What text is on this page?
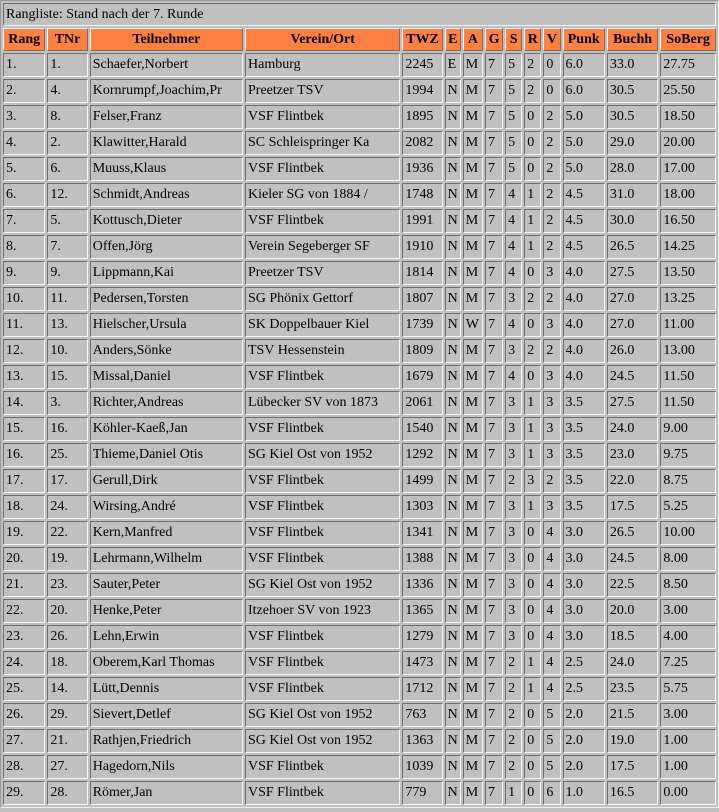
Rangliste: Stand nach der 7. Runde													
Rang	TNr	Teilnehmer	Verein/Ort	TWZ	E	A	G	S	R	V	Punk	Buchh	SoBerg
1.	1.	Schaefer,Norbert	Hamburg	2245	E	M	7	5	2	0	6.0	33.0	27.75
2.	4.	Kornrumpf,Joachim,Pr	Preetzer TSV	1994	N	M	7	5	2	0	6.0	30.5	25.50
3.	8.	Felser,Franz	VSF Flintbek	1895	N	M	7	5	0	2	5.0	30.5	18.50
4.	2.	Klawitter,Harald	SC Schleispringer Ka	2082	N	M	7	5	0	2	5.0	29.0	20.00
5.	6.	Muuss,Klaus	VSF Flintbek	1936	N	M	7	5	0	2	5.0	28.0	17.00
6.	12.	Schmidt,Andreas	Kieler SG von 1884 /	1748	N	M	7	4	1	2	4.5	31.0	18.00
7.	5.	Kottusch,Dieter	VSF Flintbek	1991	N	M	7	4	1	2	4.5	30.0	16.50
8.	7.	Offen,Jörg	Verein Segeberger SF	1910	N	M	7	4	1	2	4.5	26.5	14.25
9.	9.	Lippmann,Kai	Preetzer TSV	1814	N	M	7	4	0	3	4.0	27.5	13.50
10.	11.	Pedersen,Torsten	SG Phönix Gettorf	1807	N	M	7	3	2	2	4.0	27.0	13.25
11.	13.	Hielscher,Ursula	SK Doppelbauer Kiel	1739	N	W	7	4	0	3	4.0	27.0	11.00
12.	10.	Anders,Sönke	TSV Hessenstein	1809	N	M	7	3	2	2	4.0	26.0	13.00
13.	15.	Missal,Daniel	VSF Flintbek	1679	N	M	7	4	0	3	4.0	24.5	11.50
14.	3.	Richter,Andreas	Lübecker SV von 1873	2061	N	M	7	3	1	3	3.5	27.5	11.50
15.	16.	Köhler-Kaeß,Jan	VSF Flintbek	1540	N	M	7	3	1	3	3.5	24.0	9.00
16.	25.	Thieme,Daniel Otis	SG Kiel Ost von 1952	1292	N	M	7	3	1	3	3.5	23.0	9.75
17.	17.	Gerull,Dirk	VSF Flintbek	1499	N	M	7	2	3	2	3.5	22.0	8.75
18.	24.	Wirsing,André	VSF Flintbek	1303	N	M	7	3	1	3	3.5	17.5	5.25
19.	22.	Kern,Manfred	VSF Flintbek	1341	N	M	7	3	0	4	3.0	26.5	10.00
20.	19.	Lehrmann,Wilhelm	VSF Flintbek	1388	N	M	7	3	0	4	3.0	24.5	8.00
21.	23.	Sauter,Peter	SG Kiel Ost von 1952	1336	N	M	7	3	0	4	3.0	22.5	8.50
22.	20.	Henke,Peter	Itzehoer SV von 1923	1365	N	M	7	3	0	4	3.0	20.0	3.00
23.	26.	Lehn,Erwin	VSF Flintbek	1279	N	M	7	3	0	4	3.0	18.5	4.00
24.	18.	Oberem,Karl Thomas	VSF Flintbek	1473	N	M	7	2	1	4	2.5	24.0	7.25
25.	14.	Lütt,Dennis	VSF Flintbek	1712	N	M	7	2	1	4	2.5	23.5	5.75
26.	29.	Sievert,Detlef	SG Kiel Ost von 1952	763	N	M	7	2	0	5	2.0	21.5	3.00
27.	21.	Rathjen,Friedrich	SG Kiel Ost von 1952	1363	N	M	7	2	0	5	2.0	19.0	1.00
28.	27.	Hagedorn,Nils	VSF Flintbek	1039	N	M	7	2	0	5	2.0	17.5	1.00
29.	28.	Römer,Jan	VSF Flintbek	779	N	M	7	1	0	6	1.0	16.5	0.00
